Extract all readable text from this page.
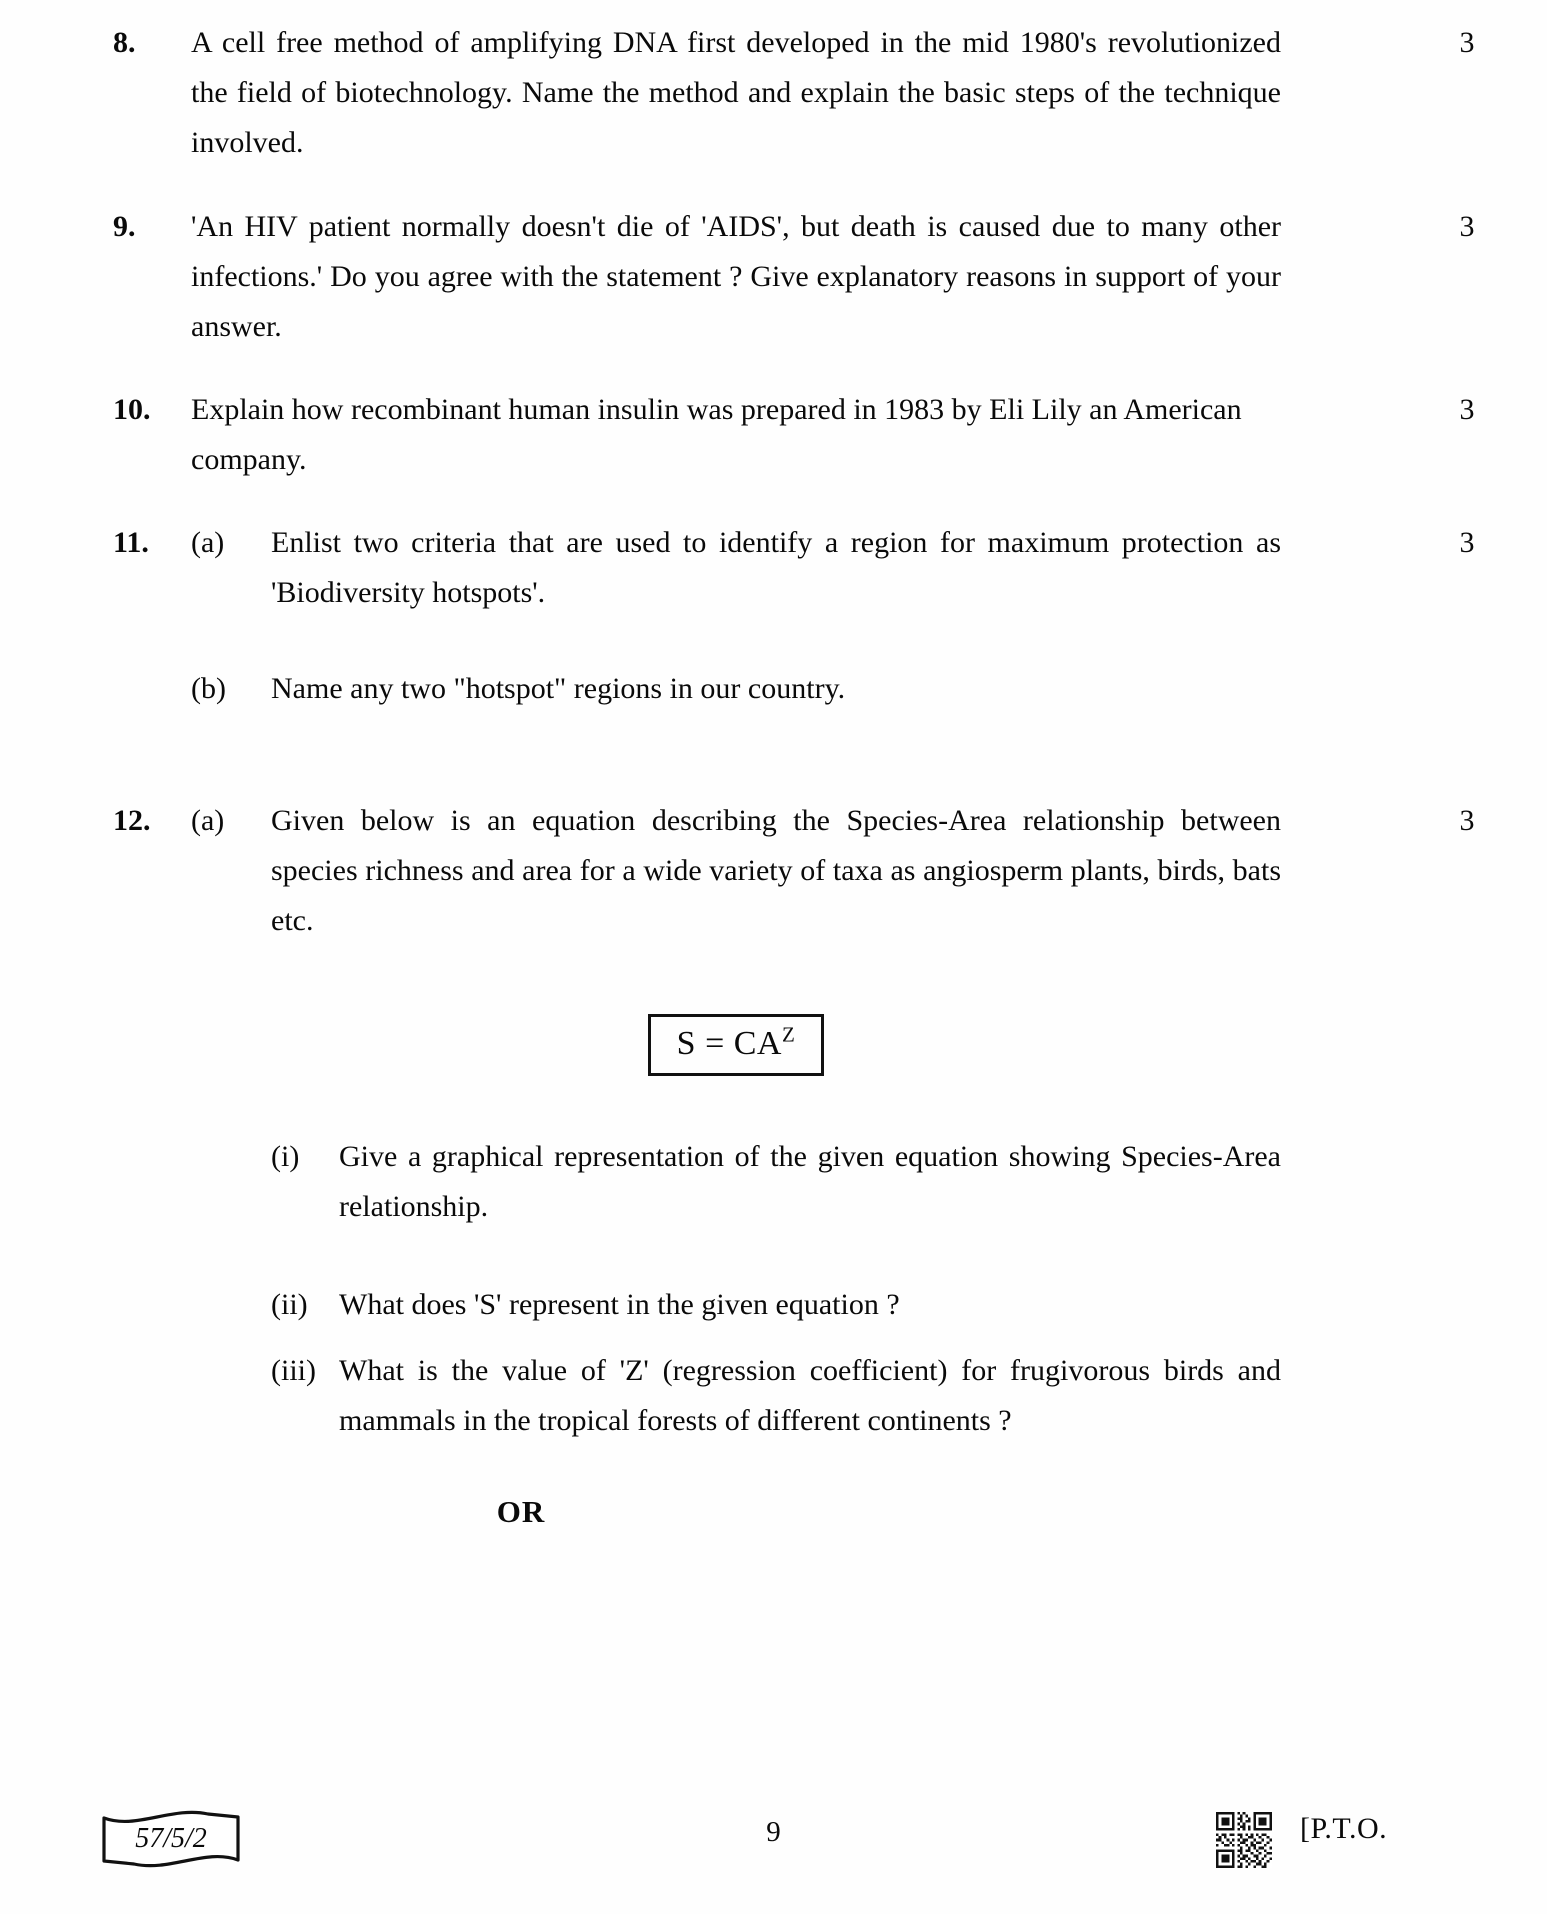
8.	A cell free method of amplifying DNA first developed in the mid 1980's revolutionized the field of biotechnology. Name the method and explain the basic steps of the technique involved.

3
9.	'An HIV patient normally doesn't die of 'AIDS', but death is caused due to many other infections.' Do you agree with the statement ? Give explanatory reasons in support of your answer.

3
10.	Explain how recombinant human insulin was prepared in 1983 by Eli Lily an American company.

3
11.	(a)	Enlist two criteria that are used to identify a region for maximum protection as 'Biodiversity hotspots'.
(b)	Name any two "hotspot" regions in our country.
3
12.	(a)	Given below is an equation describing the Species-Area relationship between species richness and area for a wide variety of taxa as angiosperm plants, birds, bats etc.
$S = CA^Z$
(i)	Give a graphical representation of the given equation showing Species-Area relationship.
(ii)	What does 'S' represent in the given equation ?
(iii) What is the value of 'Z' (regression coefficient) for frugivorous birds and mammals in the tropical forests of different continents ?
OR
3
57/5/2	9	[P.T.O.
